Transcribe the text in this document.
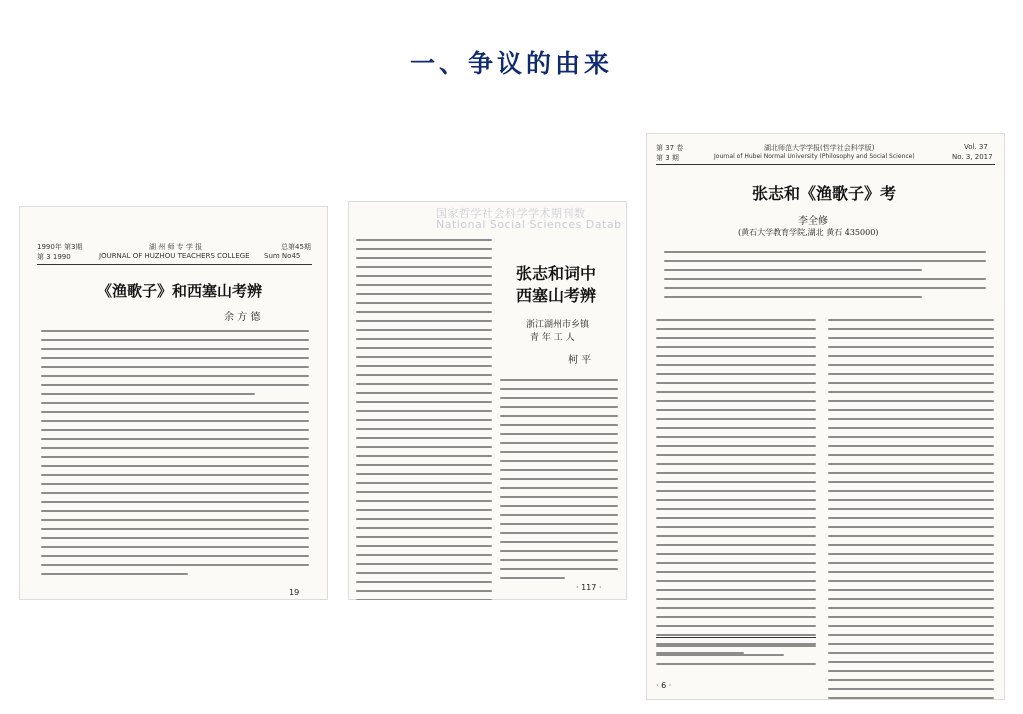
一、争议的由来
1990年 第3期	湖 州 师 专 学 报	总第45期
第 3 1990	JOURNAL OF HUZHOU TEACHERS COLLEGE Sum No45
《渔歌子》和西塞山考辨
余 方 德
19
国家哲学社会科学学术期刊数
National Social Sciences Datab
张志和词中
西塞山考辨
浙江湖州市乡镇
青 年 工 人
柯 平
· 117 ·
第 37 卷	湖北师范大学学报(哲学社会科学版)	Vol. 37
第 3 期	Journal of Hubei Normal University (Philosophy and Social Science)	No. 3, 2017
张志和《渔歌子》考
李全修
(黄石大学教育学院,湖北 黄石 435000)
· 6 ·
